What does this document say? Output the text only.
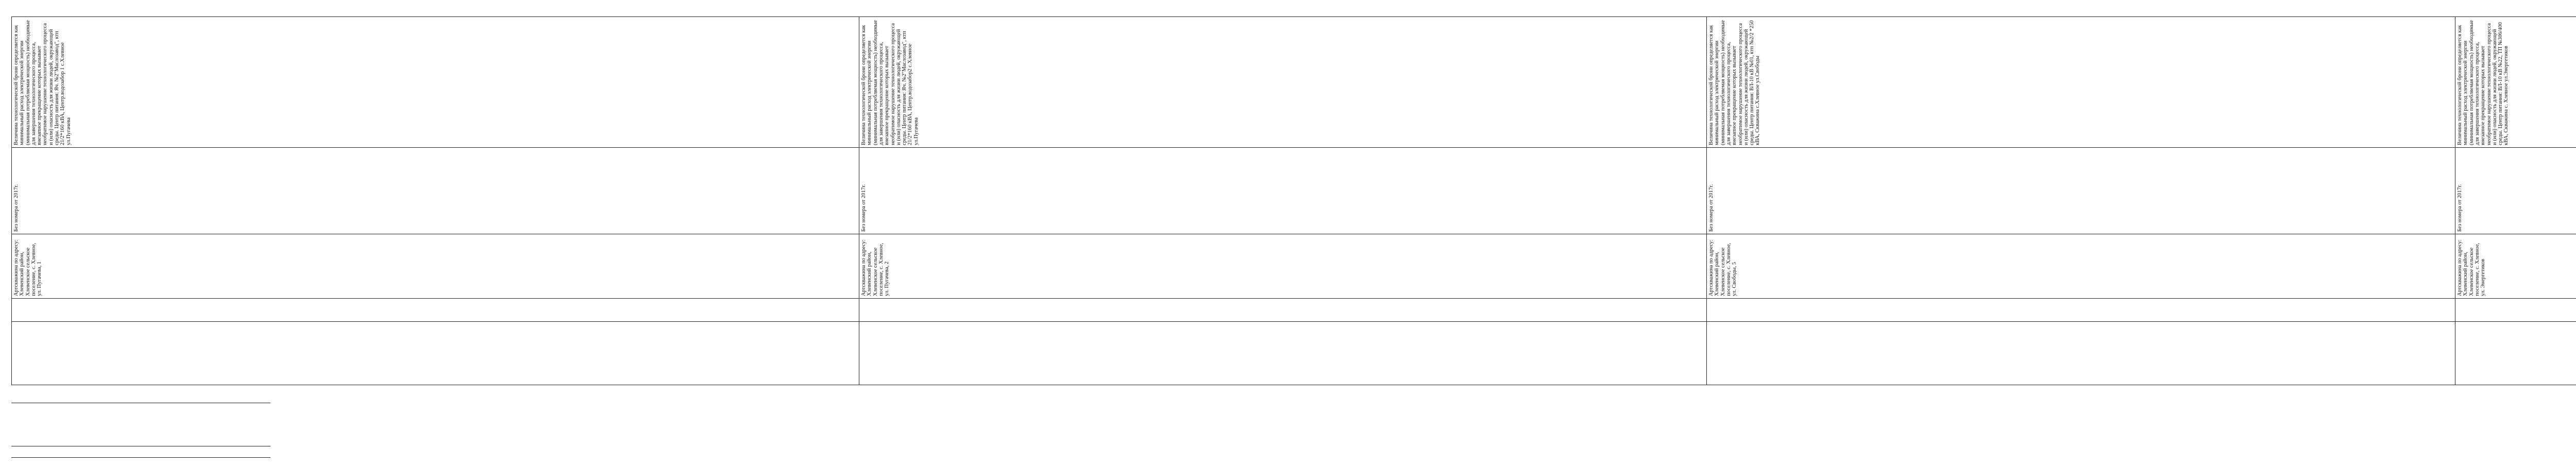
		Артскважина по адресу: Хлевенский район, Хлевенское сельское поселение, с. Хлевное, ул. Пугачева, 1	Без номера от 2017г.	Величина технологической брони определяется как минимальный расход электрической энергии (минимальная потребляемая мощность) необходимые для завершения технологического процесса, внезапное прекращение которых вызывает необратимое нарушение технологического процесса и (или) опасность для жизни людей, окружающей среды. Центр питания: Яч. №2"Маслозавод", ктп 21/2*160 кВА, Центр.водозабор 1 с.Хлевное ул.Пугачева	
		Артскважина по адресу: Хлевенский район, Хлевенское сельское поселение, с. Хлевное, ул. Пугачева, 2	Без номера от 2017г.	Величина технологической брони определяется как минимальный расход электрической энергии (минимальная потребляемая мощность) необходимые для завершения технологического процесса, внезапное прекращение которых вызывает необратимое нарушение технологического процесса и (или) опасность для жизни людей, окружающей среды. Центр питания: Яч. №2"Маслозавод", ктп 21/2*160 кВА, Центр.водозабор2 с.Хлевное ул.Пугачева	
		Артскважина по адресу: Хлевенский район, Хлевенское сельское поселение, с. Хлевное, ул. Свободы, 5	Без номера от 2017г.	Величина технологической брони определяется как минимальный расход электрической энергии (минимальная потребляемая мощность) необходимые для завершения технологического процесса, внезапное прекращение которых вызывает необратимое нарушение технологического процесса и (или) опасность для жизни людей, окружающей среды. Центр питания: ВЛ-10 кВ №01, ктп №2/2 *250 кВА, Скважина с.Хлевное ул.Свободы	
		Артскважина по адресу: Хлевенский район, Хлевенское сельское поселение, с. Хлевное, ул. Энергетиков	Без номера от 2017г.	Величина технологической брони определяется как минимальный расход электрической энергии (минимальная потребляемая мощность) необходимые для завершения технологического процесса, внезапное прекращение которых вызывает необратимое нарушение технологического процесса и (или) опасность для жизни людей, окружающей среды. Центр питания: ВЛ-10 кВ №22, ТП №306/400 кВА, Скважина с. Хлевное ул.Энергетиков	
